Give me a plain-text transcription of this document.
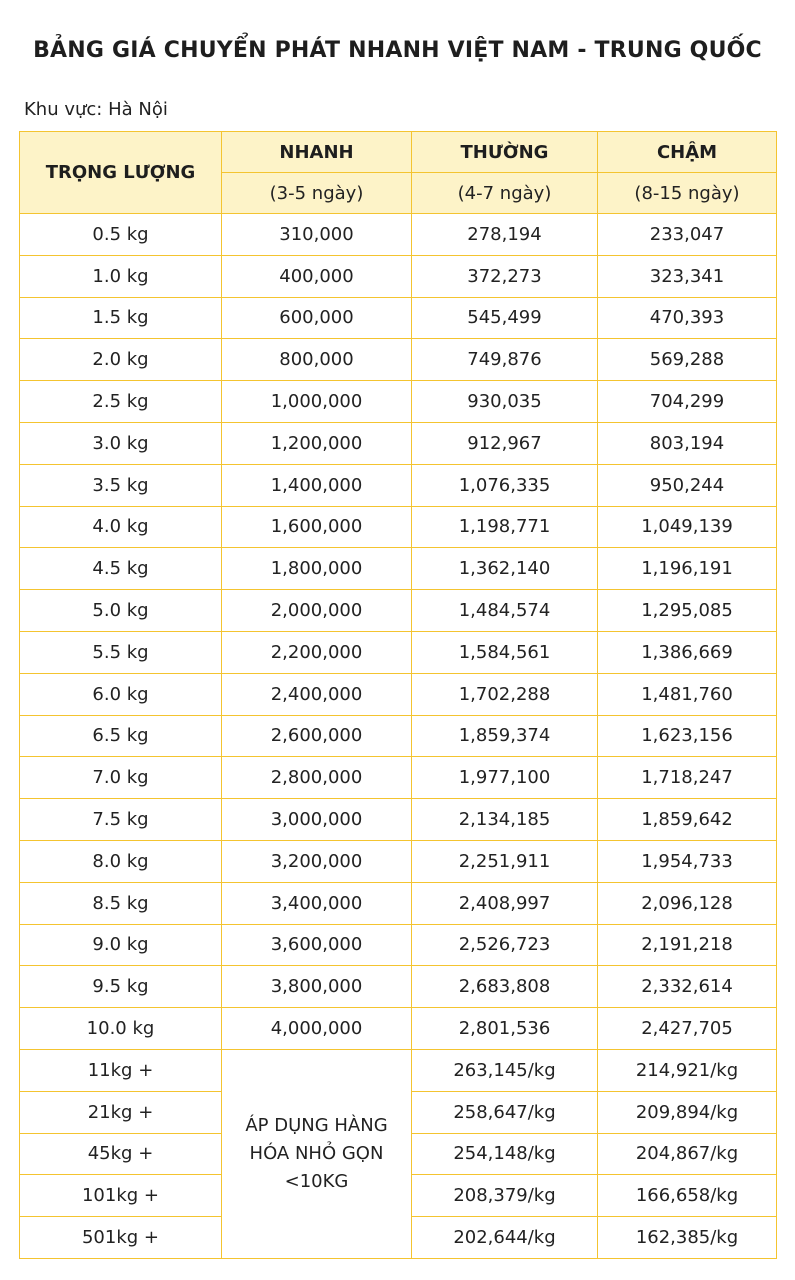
BẢNG GIÁ CHUYỂN PHÁT NHANH VIỆT NAM - TRUNG QUỐC
Khu vực: Hà Nội
TRỌNG LƯỢNG	NHANH	THƯỜNG	CHẬM
	(3-5 ngày)	(4-7 ngày)	(8-15 ngày)
0.5 kg	310,000	278,194	233,047
1.0 kg	400,000	372,273	323,341
1.5 kg	600,000	545,499	470,393
2.0 kg	800,000	749,876	569,288
2.5 kg	1,000,000	930,035	704,299
3.0 kg	1,200,000	912,967	803,194
3.5 kg	1,400,000	1,076,335	950,244
4.0 kg	1,600,000	1,198,771	1,049,139
4.5 kg	1,800,000	1,362,140	1,196,191
5.0 kg	2,000,000	1,484,574	1,295,085
5.5 kg	2,200,000	1,584,561	1,386,669
6.0 kg	2,400,000	1,702,288	1,481,760
6.5 kg	2,600,000	1,859,374	1,623,156
7.0 kg	2,800,000	1,977,100	1,718,247
7.5 kg	3,000,000	2,134,185	1,859,642
8.0 kg	3,200,000	2,251,911	1,954,733
8.5 kg	3,400,000	2,408,997	2,096,128
9.0 kg	3,600,000	2,526,723	2,191,218
9.5 kg	3,800,000	2,683,808	2,332,614
10.0 kg	4,000,000	2,801,536	2,427,705
11kg +	ÁP DỤNG HÀNG HÓA NHỎ GỌN <10KG	263,145/kg	214,921/kg
21kg +		258,647/kg	209,894/kg
45kg +		254,148/kg	204,867/kg
101kg +		208,379/kg	166,658/kg
501kg +		202,644/kg	162,385/kg
